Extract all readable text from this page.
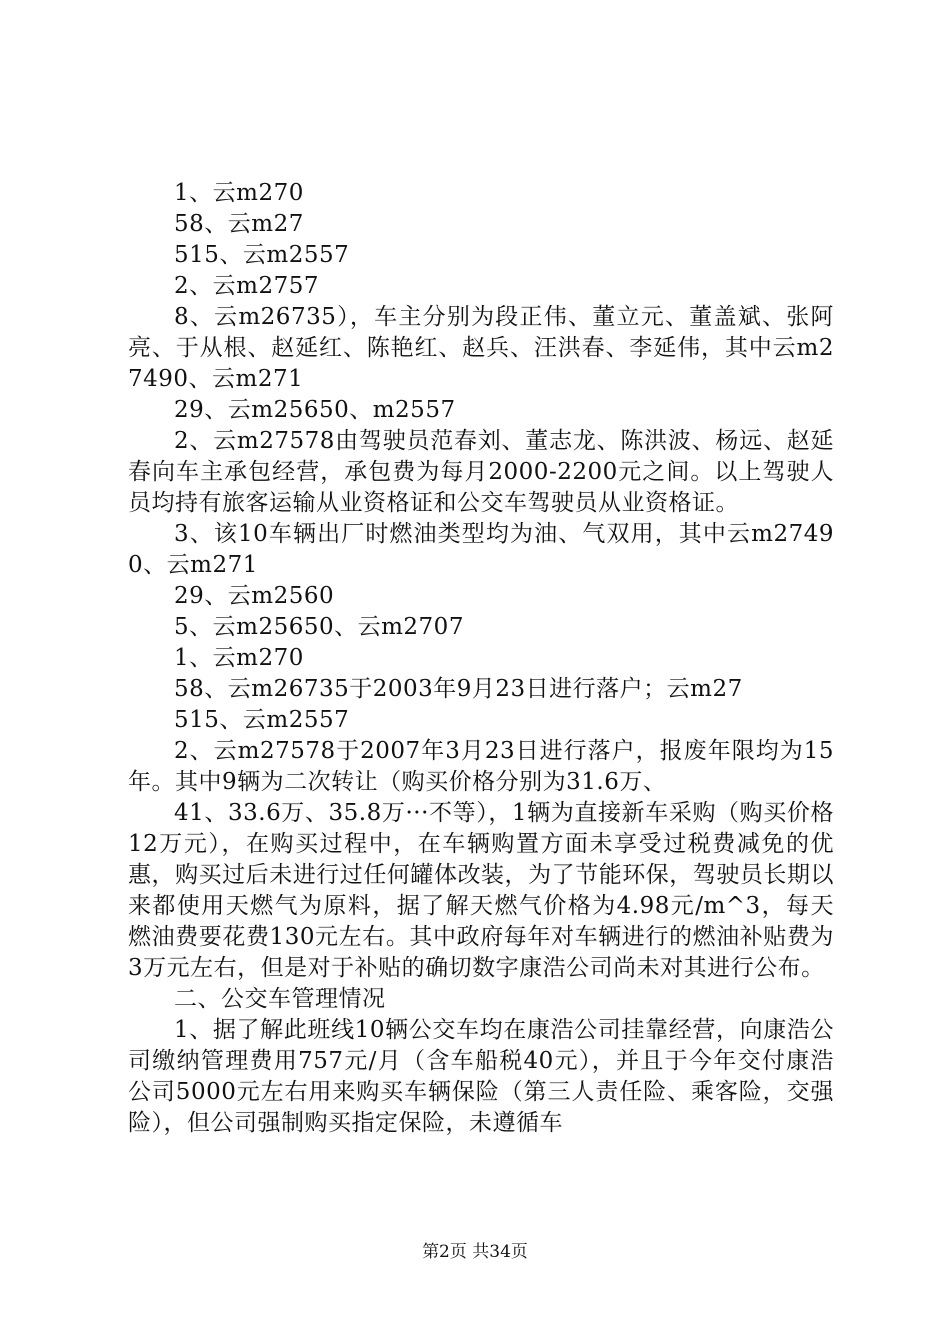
1、云m270

58、云m27

515、云m2557

2、云m2757

8、云m26735），车主分别为段正伟、董立元、董盖斌、张阿亮、于从根、赵延红、陈艳红、赵兵、汪洪春、李延伟，其中云m27490、云m271

29、云m25650、m2557

2、云m27578由驾驶员范春刘、董志龙、陈洪波、杨远、赵延春向车主承包经营，承包费为每月2000-2200元之间。以上驾驶人员均持有旅客运输从业资格证和公交车驾驶员从业资格证。

3、该10车辆出厂时燃油类型均为油、气双用，其中云m27490、云m271

29、云m2560

5、云m25650、云m2707

1、云m270

58、云m26735于2003年9月23日进行落户；云m27

515、云m2557

2、云m27578于2007年3月23日进行落户，报废年限均为15年。其中9辆为二次转让（购买价格分别为31.6万、

41、33.6万、35.8万···不等），1辆为直接新车采购（购买价格12万元），在购买过程中，在车辆购置方面未享受过税费减免的优惠，购买过后未进行过任何罐体改装，为了节能环保，驾驶员长期以来都使用天燃气为原料，据了解天燃气价格为4.98元/m^3，每天燃油费要花费130元左右。其中政府每年对车辆进行的燃油补贴费为3万元左右，但是对于补贴的确切数字康浩公司尚未对其进行公布。

二、公交车管理情况

1、据了解此班线10辆公交车均在康浩公司挂靠经营，向康浩公司缴纳管理费用757元/月（含车船税40元），并且于今年交付康浩公司5000元左右用来购买车辆保险（第三人责任险、乘客险，交强险），但公司强制购买指定保险，未遵循车

第2页 共34页
